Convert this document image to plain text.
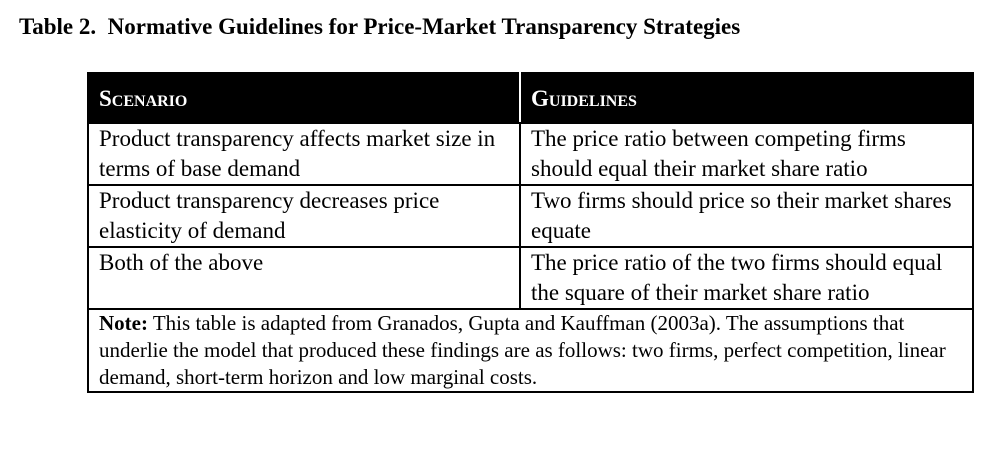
Table 2.  Normative Guidelines for Price-Market Transparency Strategies
Scenario	Guidelines
Product transparency affects market size in terms of base demand	The price ratio between competing firms should equal their market share ratio
Product transparency decreases price elasticity of demand	Two firms should price so their market shares equate
Both of the above	The price ratio of the two firms should equal the square of their market share ratio
Note: This table is adapted from Granados, Gupta and Kauffman (2003a). The assumptions that underlie the model that produced these findings are as follows: two firms, perfect competition, linear demand, short-term horizon and low marginal costs.	
